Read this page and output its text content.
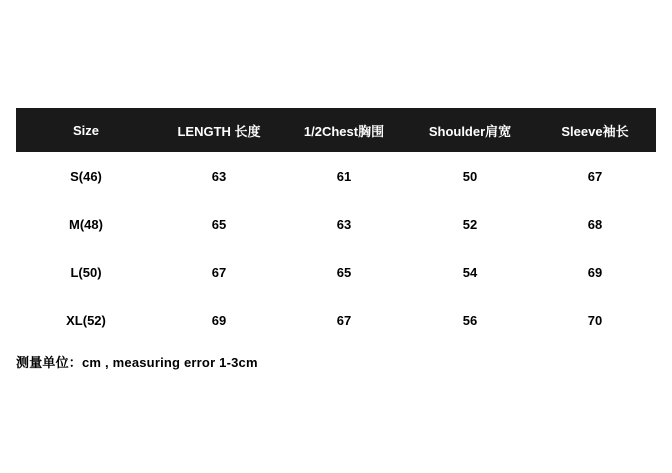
Size	LENGTH 长度	1/2Chest胸围	Shoulder肩宽	Sleeve袖长
S(46)	63	61	50	67
M(48)	65	63	52	68
L(50)	67	65	54	69
XL(52)	69	67	56	70
测量单位：cm , measuring error 1-3cm
